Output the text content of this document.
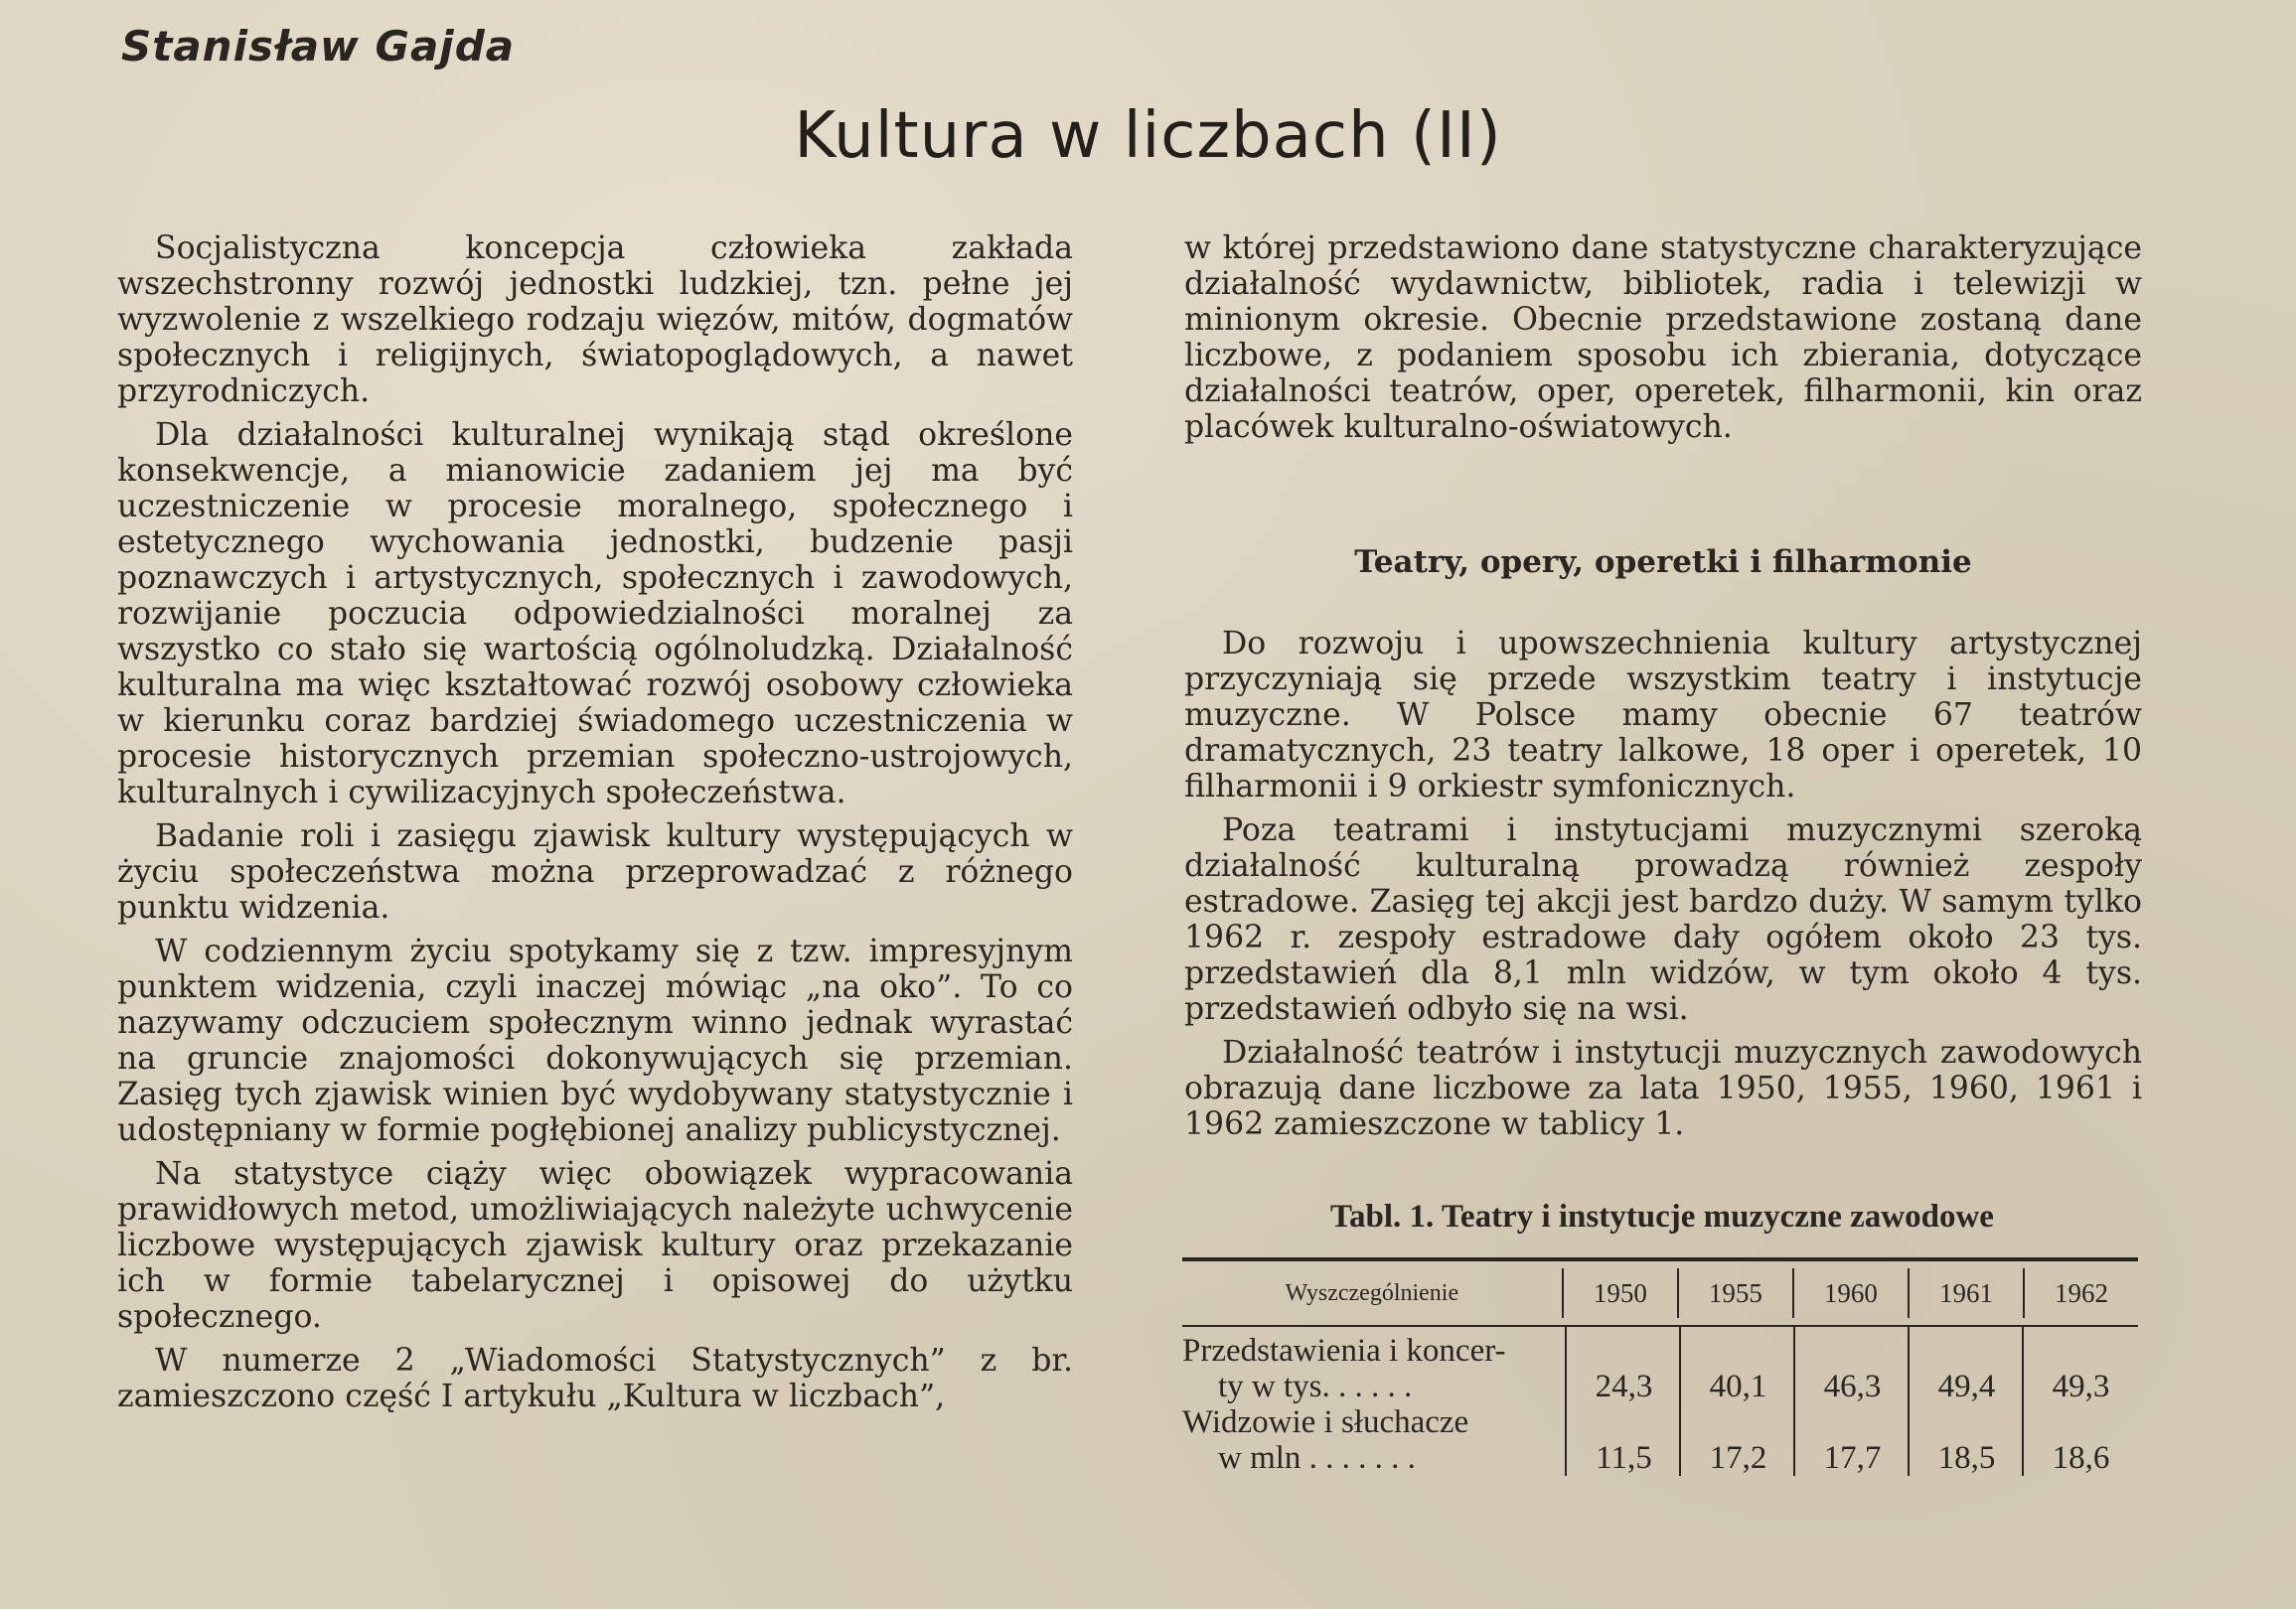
Stanisław Gajda
Kultura w liczbach (II)

Socjalistyczna koncepcja człowieka zakłada wszechstronny rozwój jednostki ludzkiej, tzn. pełne jej wyzwolenie z wszelkiego rodzaju więzów, mitów, dogmatów społecznych i religijnych, światopoglądowych, a nawet przyrodniczych.

Dla działalności kulturalnej wynikają stąd określone konsekwencje, a mianowicie zadaniem jej ma być uczestniczenie w procesie moralnego, społecznego i estetycznego wychowania jednostki, budzenie pasji poznawczych i artystycznych, społecznych i zawodowych, rozwijanie poczucia odpowiedzialności moralnej za wszystko co stało się wartością ogólnoludzką. Działalność kulturalna ma więc kształtować rozwój osobowy człowieka w kierunku coraz bardziej świadomego uczestniczenia w procesie historycznych przemian społeczno-ustrojowych, kulturalnych i cywilizacyjnych społeczeństwa.

Badanie roli i zasięgu zjawisk kultury występujących w życiu społeczeństwa można przeprowadzać z różnego punktu widzenia.

W codziennym życiu spotykamy się z tzw. impresyjnym punktem widzenia, czyli inaczej mówiąc „na oko”. To co nazywamy odczuciem społecznym winno jednak wyrastać na gruncie znajomości dokonywujących się przemian. Zasięg tych zjawisk winien być wydobywany statystycznie i udostępniany w formie pogłębionej analizy publicystycznej.

Na statystyce ciąży więc obowiązek wypracowania prawidłowych metod, umożliwiających należyte uchwycenie liczbowe występujących zjawisk kultury oraz przekazanie ich w formie tabelarycznej i opisowej do użytku społecznego.

W numerze 2 „Wiadomości Statystycznych” z br. zamieszczono część I artykułu „Kultura w liczbach”,

w której przedstawiono dane statystyczne charakteryzujące działalność wydawnictw, bibliotek, radia i telewizji w minionym okresie. Obecnie przedstawione zostaną dane liczbowe, z podaniem sposobu ich zbierania, dotyczące działalności teatrów, oper, operetek, filharmonii, kin oraz placówek kulturalno-oświatowych.

Teatry, opery, operetki i filharmonie

Do rozwoju i upowszechnienia kultury artystycznej przyczyniają się przede wszystkim teatry i instytucje muzyczne. W Polsce mamy obecnie 67 teatrów dramatycznych, 23 teatry lalkowe, 18 oper i operetek, 10 filharmonii i 9 orkiestr symfonicznych.

Poza teatrami i instytucjami muzycznymi szeroką działalność kulturalną prowadzą również zespoły estradowe. Zasięg tej akcji jest bardzo duży. W samym tylko 1962 r. zespoły estradowe dały ogółem około 23 tys. przedstawień dla 8,1 mln widzów, w tym około 4 tys. przedstawień odbyło się na wsi.

Działalność teatrów i instytucji muzycznych zawodowych obrazują dane liczbowe za lata 1950, 1955, 1960, 1961 i 1962 zamieszczone w tablicy 1.

Tabl. 1. Teatry i instytucje muzyczne zawodowe
Wyszczególnienie	1950	1955	1960	1961	1962
Przedstawienia i koncer-
ty w tys. . . . . .	24,3	40,1	46,3	49,4	49,3
Widzowie i słuchacze
w mln . . . . . . .	11,5	17,2	17,7	18,5	18,6
